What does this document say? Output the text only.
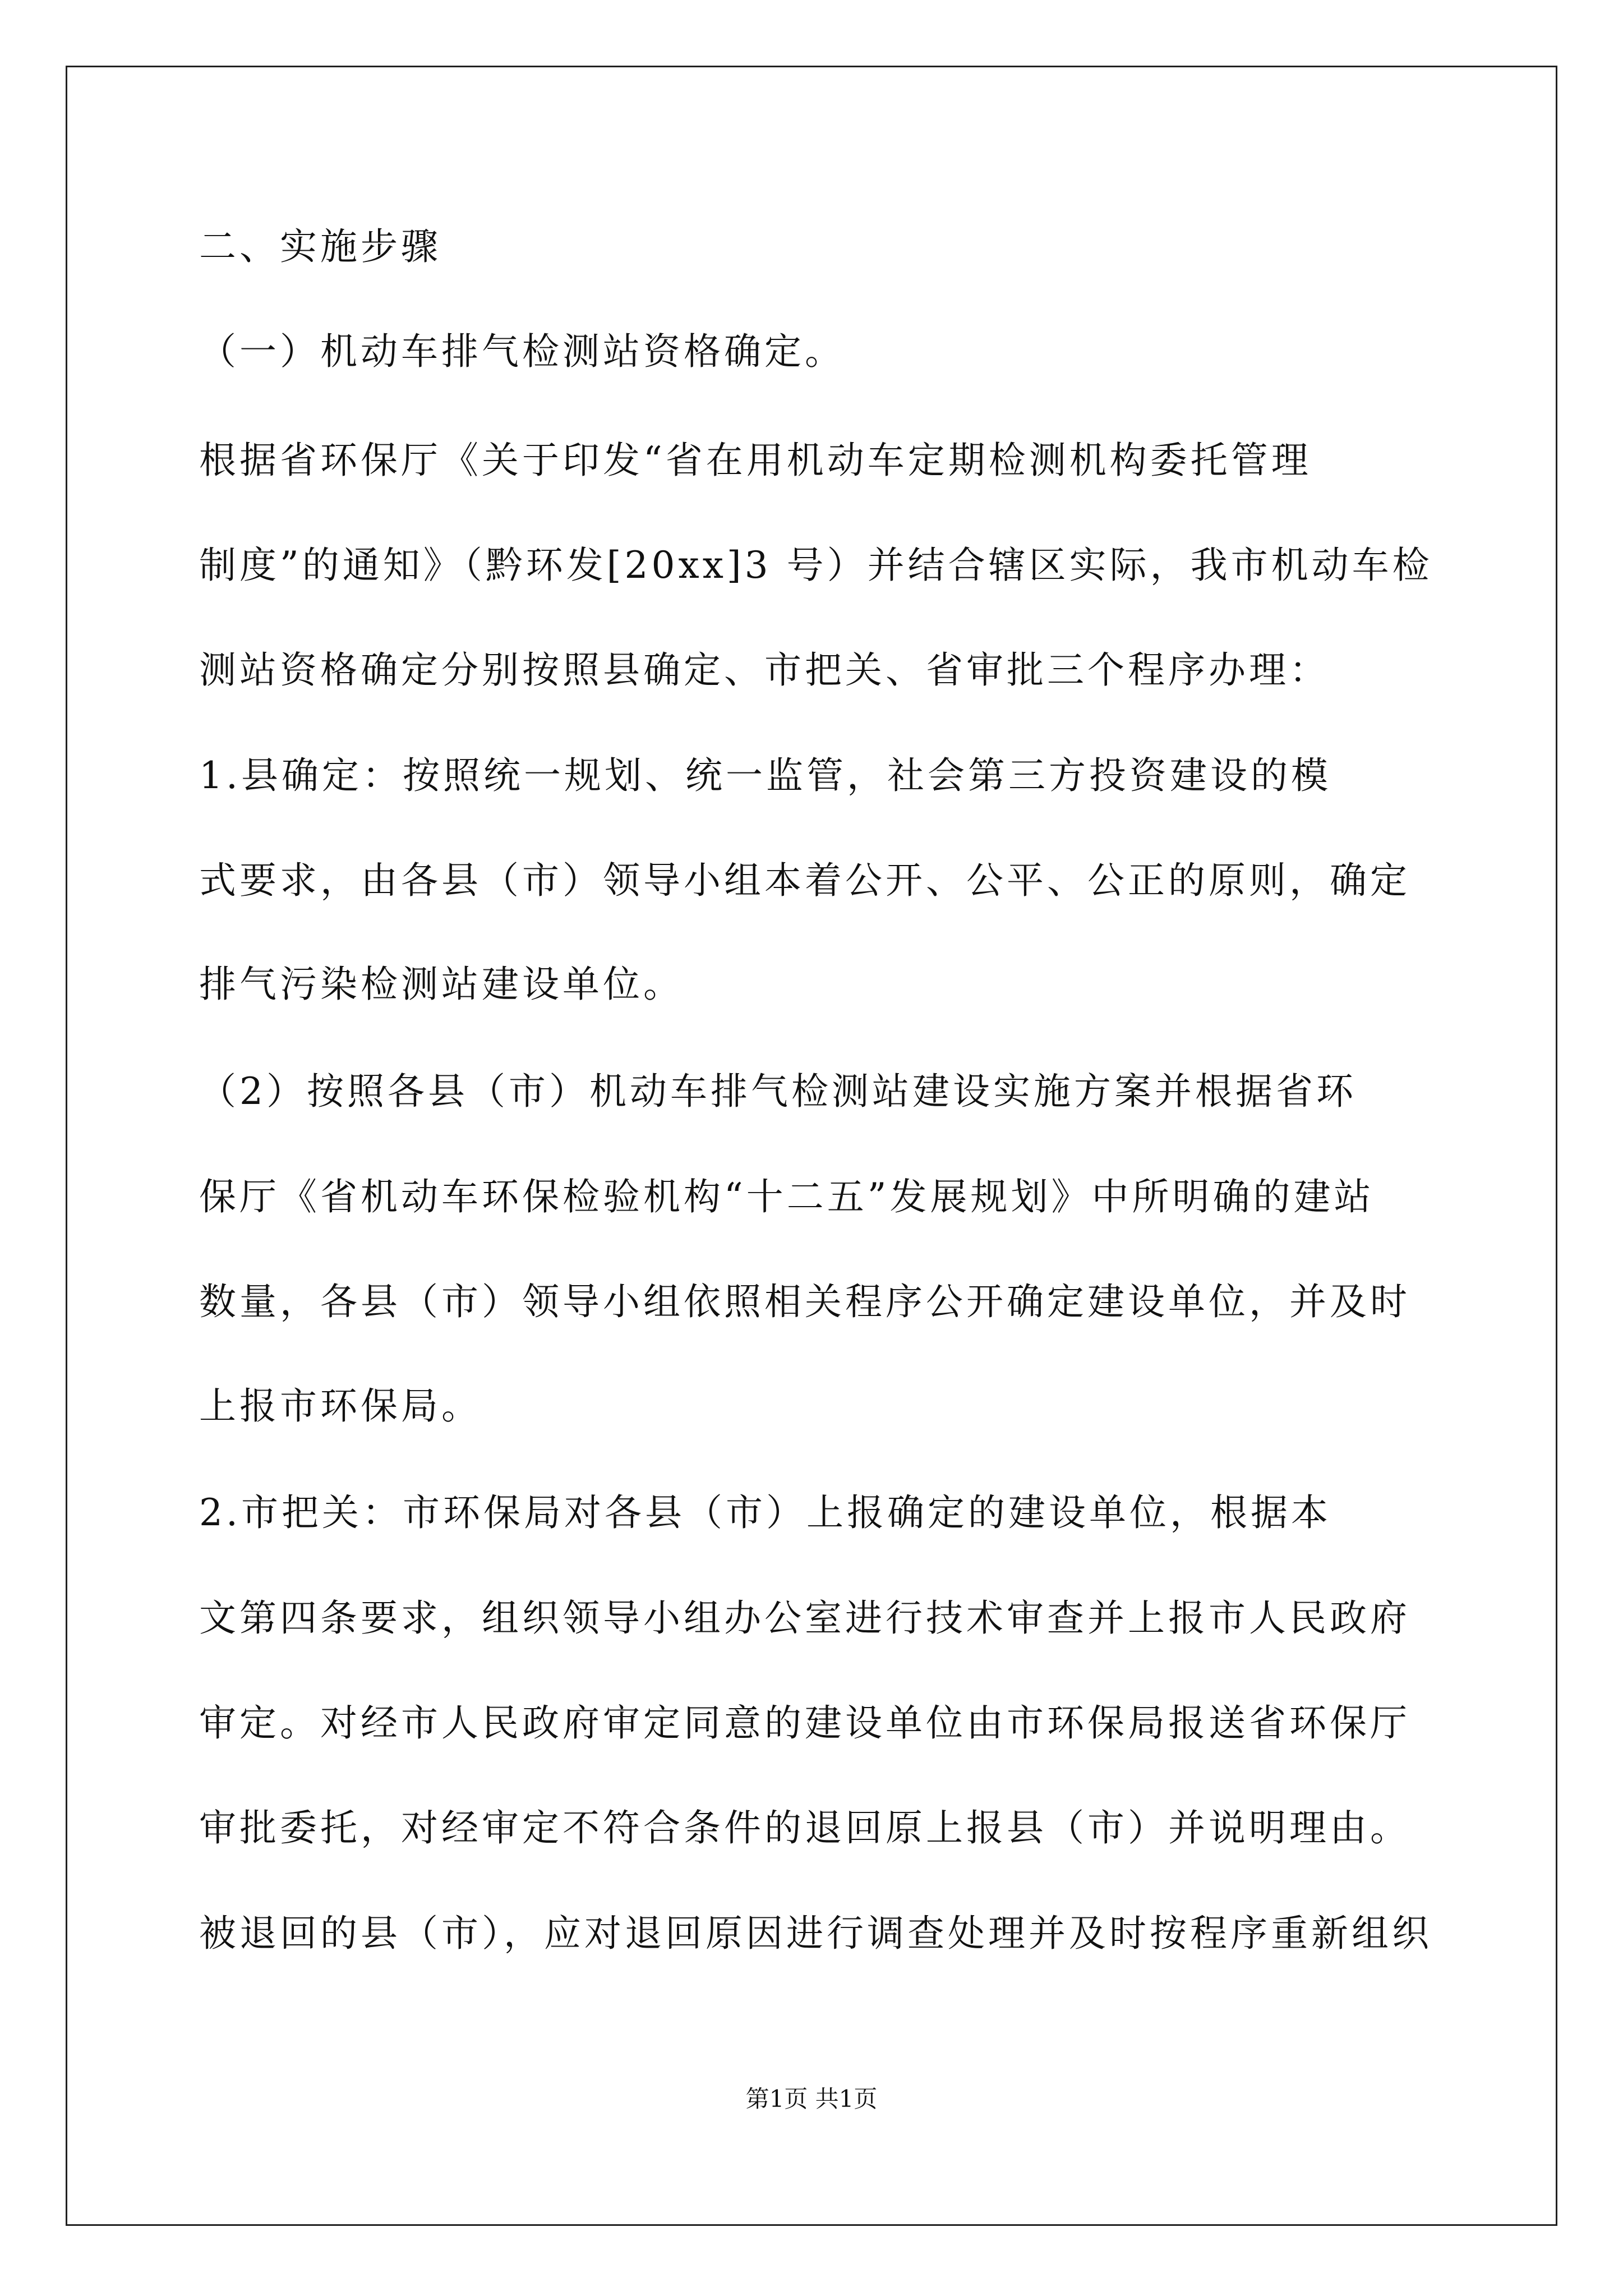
二、实施步骤
（一）机动车排气检测站资格确定。
根据省环保厅《关于印发“省在用机动车定期检测机构委托管理
制度”的通知》（黔环发[20xx]3 号）并结合辖区实际，我市机动车检
测站资格确定分别按照县确定、市把关、省审批三个程序办理：
1.县确定：按照统一规划、统一监管，社会第三方投资建设的模
式要求，由各县（市）领导小组本着公开、公平、公正的原则，确定
排气污染检测站建设单位。
（2）按照各县（市）机动车排气检测站建设实施方案并根据省环
保厅《省机动车环保检验机构“十二五”发展规划》中所明确的建站
数量，各县（市）领导小组依照相关程序公开确定建设单位，并及时
上报市环保局。
2.市把关：市环保局对各县（市）上报确定的建设单位，根据本
文第四条要求，组织领导小组办公室进行技术审查并上报市人民政府
审定。对经市人民政府审定同意的建设单位由市环保局报送省环保厅
审批委托，对经审定不符合条件的退回原上报县（市）并说明理由。
被退回的县（市），应对退回原因进行调查处理并及时按程序重新组织
第1页 共1页
